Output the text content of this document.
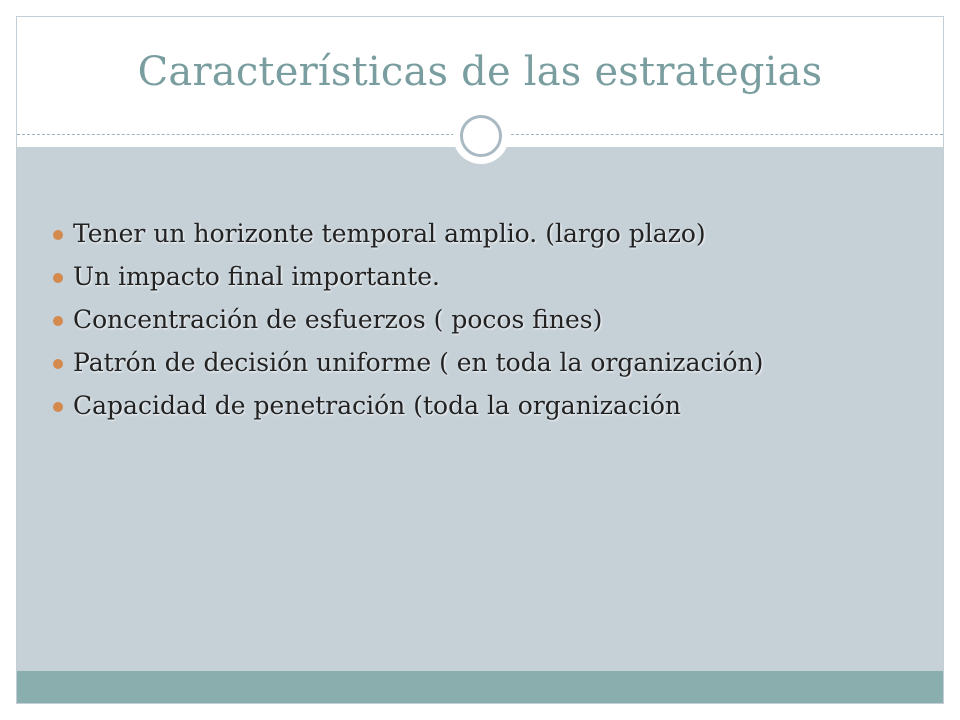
Características de las estrategias
Tener un horizonte temporal amplio. (largo plazo)
Un impacto final importante.
Concentración de esfuerzos ( pocos fines)
Patrón de decisión uniforme ( en toda la organización)
Capacidad de penetración (toda la organización
